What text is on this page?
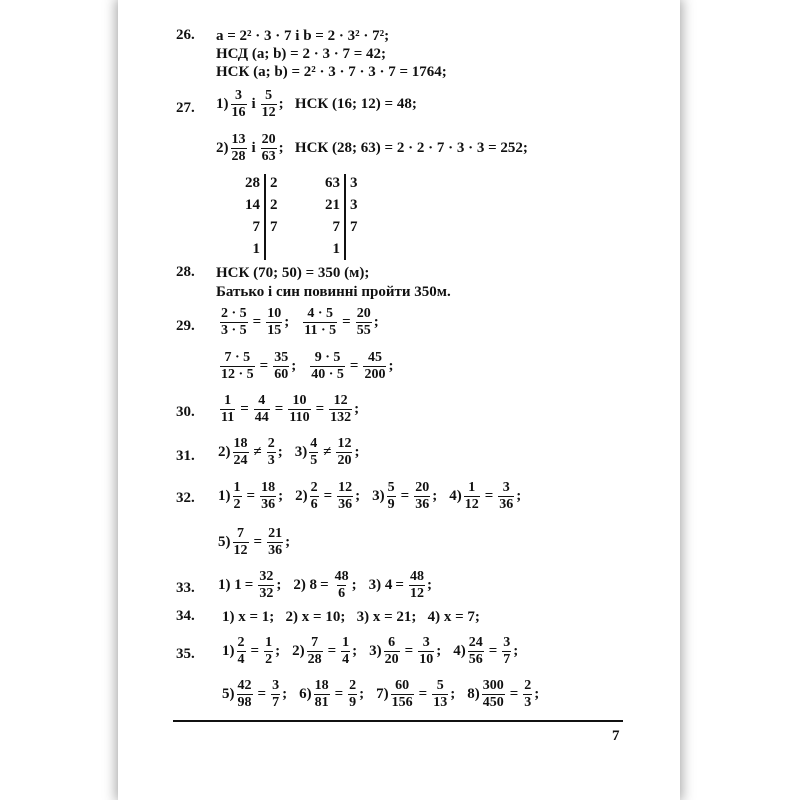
26. a = 2² · 3 · 7 і b = 2 · 3² · 7²;
НСД (a; b) = 2 · 3 · 7 = 42;
НСК (a; b) = 2² · 3 · 7 · 3 · 7 = 1764;
27. $1) \frac{3}{16}$ і $\frac{5}{12}$ ;   НСК (16; 12) = 48;
$2) \frac{13}{28}$ і $\frac{20}{63}$ ;   НСК (28; 63) = 2 · 2 · 7 · 3 · 3 = 252;
28
14
7
1
2
2
7
63
21
7
1
3
3
7
28. НСК (70; 50) = 350 (м);
Батько і син повинні пройти 350м.
29. $\frac{2 \cdot 5}{3 \cdot 5} = \frac{10}{15}$ ; $\frac{4 \cdot 5}{11 \cdot 5} = \frac{20}{55}$ ;
$\frac{7 \cdot 5}{12 \cdot 5} = \frac{35}{60}$ ; $\frac{9 \cdot 5}{40 \cdot 5} = \frac{45}{200}$ ;
30. $\frac{1}{11} = \frac{4}{44} = \frac{10}{110} = \frac{12}{132}$ ;
31. $2) \frac{18}{24} \ne \frac{2}{3}$ ; $3) \frac{4}{5} \ne \frac{12}{20}$ ;
32. $1) \frac{1}{2} = \frac{18}{36}$ ; $2) \frac{2}{6} = \frac{12}{36}$ ; $3) \frac{5}{9} = \frac{20}{36}$ ; $4) \frac{1}{12} = \frac{3}{36}$ ;
$5) \frac{7}{12} = \frac{21}{36}$ ;
33. 1) $1 = \frac{32}{32}$ ; 2) $8 = \frac{48}{6}$ ; 3) $4 = \frac{48}{12}$ ;
34. 1) x = 1;   2) x = 10;   3) x = 21;   4) x = 7;
35. $1) \frac{2}{4} = \frac{1}{2}$ ; $2) \frac{7}{28} = \frac{1}{4}$ ; $3) \frac{6}{20} = \frac{3}{10}$ ; $4) \frac{24}{56} = \frac{3}{7}$ ;
$5) \frac{42}{98} = \frac{3}{7}$ ; $6) \frac{18}{81} = \frac{2}{9}$ ; $7) \frac{60}{156} = \frac{5}{13}$ ; $8) \frac{300}{450} = \frac{2}{3}$ ;
7
